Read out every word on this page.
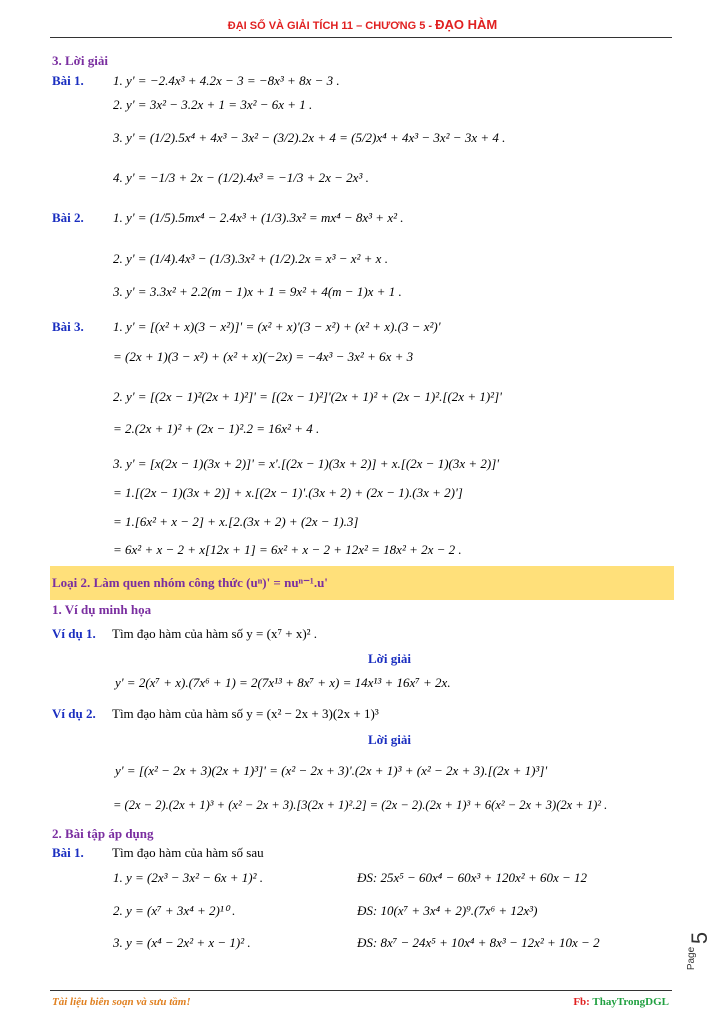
ĐẠI SỐ VÀ GIẢI TÍCH 11 – CHƯƠNG 5 - ĐẠO HÀM
3. Lời giải
Bài 1. 1. y' = −2.4x³ + 4.2x − 3 = −8x³ + 8x − 3 .
2. y' = 3x² − 3.2x + 1 = 3x² − 6x + 1 .
3. y' = (1/2).5x⁴ + 4x³ − 3x² − (3/2).2x + 4 = (5/2)x⁴ + 4x³ − 3x² − 3x + 4 .
4. y' = −1/3 + 2x − (1/2).4x³ = −1/3 + 2x − 2x³ .
Bài 2. 1. y' = (1/5).5mx⁴ − 2.4x³ + (1/3).3x² = mx⁴ − 8x³ + x² .
2. y' = (1/4).4x³ − (1/3).3x² + (1/2).2x = x³ − x² + x .
3. y' = 3.3x² + 2.2(m − 1)x + 1 = 9x² + 4(m − 1)x + 1 .
Bài 3. 1. y' = [(x² + x)(3 − x²)]' = (x² + x)'(3 − x²) + (x² + x).(3 − x²)'
= (2x + 1)(3 − x²) + (x² + x)(−2x) = −4x³ − 3x² + 6x + 3
2. y' = [(2x − 1)²(2x + 1)²]' = [(2x − 1)²]'(2x + 1)² + (2x − 1)².[(2x + 1)²]'
= 2.(2x + 1)² + (2x − 1)².2 = 16x² + 4 .
3. y' = [x(2x − 1)(3x + 2)]' = x'.[(2x − 1)(3x + 2)] + x.[(2x − 1)(3x + 2)]'
= 1.[(2x − 1)(3x + 2)] + x.[(2x − 1)'.(3x + 2) + (2x − 1).(3x + 2)']
= 1.[6x² + x − 2] + x.[2.(3x + 2) + (2x − 1).3]
= 6x² + x − 2 + x[12x + 1] = 6x² + x − 2 + 12x² = 18x² + 2x − 2 .
Loại 2. Làm quen nhóm công thức (uⁿ)' = nuⁿ⁻¹.u'
1. Ví dụ minh họa
Ví dụ 1. Tìm đạo hàm của hàm số y = (x⁷ + x)² .
Lời giải
y' = 2(x⁷ + x).(7x⁶ + 1) = 2(7x¹³ + 8x⁷ + x) = 14x¹³ + 16x⁷ + 2x.
Ví dụ 2. Tìm đạo hàm của hàm số y = (x² − 2x + 3)(2x + 1)³
Lời giải
y' = [(x² − 2x + 3)(2x + 1)³]' = (x² − 2x + 3)'.(2x + 1)³ + (x² − 2x + 3).[(2x + 1)³]'
= (2x − 2).(2x + 1)³ + (x² − 2x + 3).[3(2x + 1)².2] = (2x − 2).(2x + 1)³ + 6(x² − 2x + 3)(2x + 1)² .
2. Bài tập áp dụng
Bài 1. Tìm đạo hàm của hàm số sau
1. y = (2x³ − 3x² − 6x + 1)² .	ĐS: 25x⁵ − 60x⁴ − 60x³ + 120x² + 60x − 12
2. y = (x⁷ + 3x⁴ + 2)¹⁰ .	ĐS: 10(x⁷ + 3x⁴ + 2)⁹.(7x⁶ + 12x³)
3. y = (x⁴ − 2x² + x − 1)² .	ĐS: 8x⁷ − 24x⁵ + 10x⁴ + 8x³ − 12x² + 10x − 2
Page
5
Tài liệu biên soạn và sưu tầm!	Fb: ThayTrongDGL
